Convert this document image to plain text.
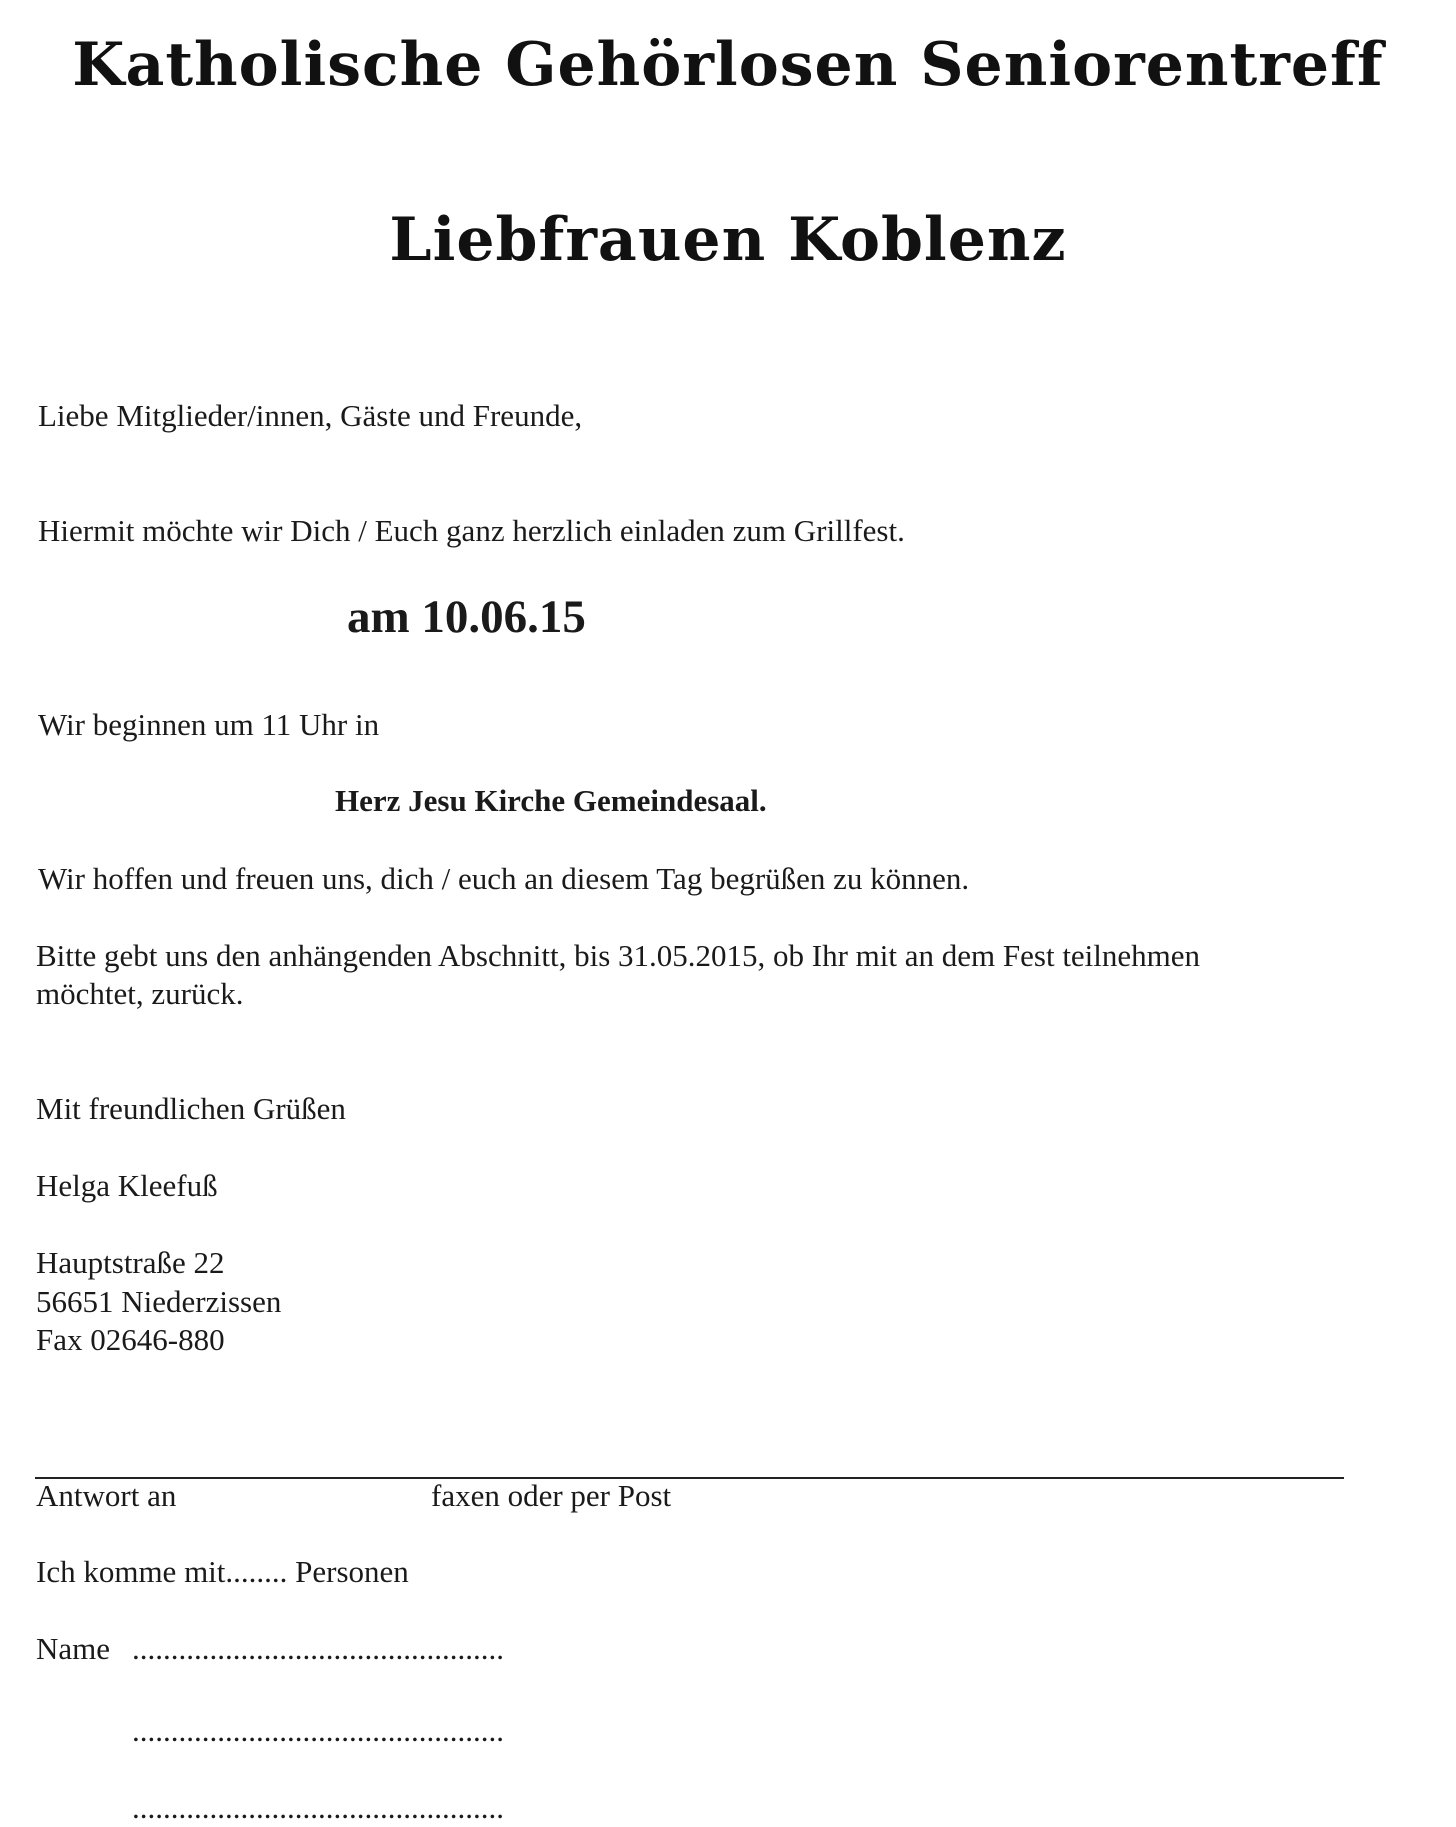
Katholische Gehörlosen Seniorentreff
Liebfrauen Koblenz
Liebe Mitglieder/innen, Gäste und Freunde,
Hiermit möchte wir Dich / Euch ganz herzlich einladen zum Grillfest.
am 10.06.15
Wir beginnen um 11 Uhr in
Herz Jesu Kirche Gemeindesaal.
Wir hoffen und freuen uns, dich / euch an diesem Tag begrüßen zu können.
Bitte gebt uns den anhängenden Abschnitt, bis 31.05.2015, ob Ihr mit an dem Fest teilnehmen
möchtet, zurück.
Mit freundlichen Grüßen
Helga Kleefuß
Hauptstraße 22
56651 Niederzissen
Fax 02646-880
Antwort an	faxen oder per Post
Ich komme mit........ Personen
Name ................................................
................................................
................................................
